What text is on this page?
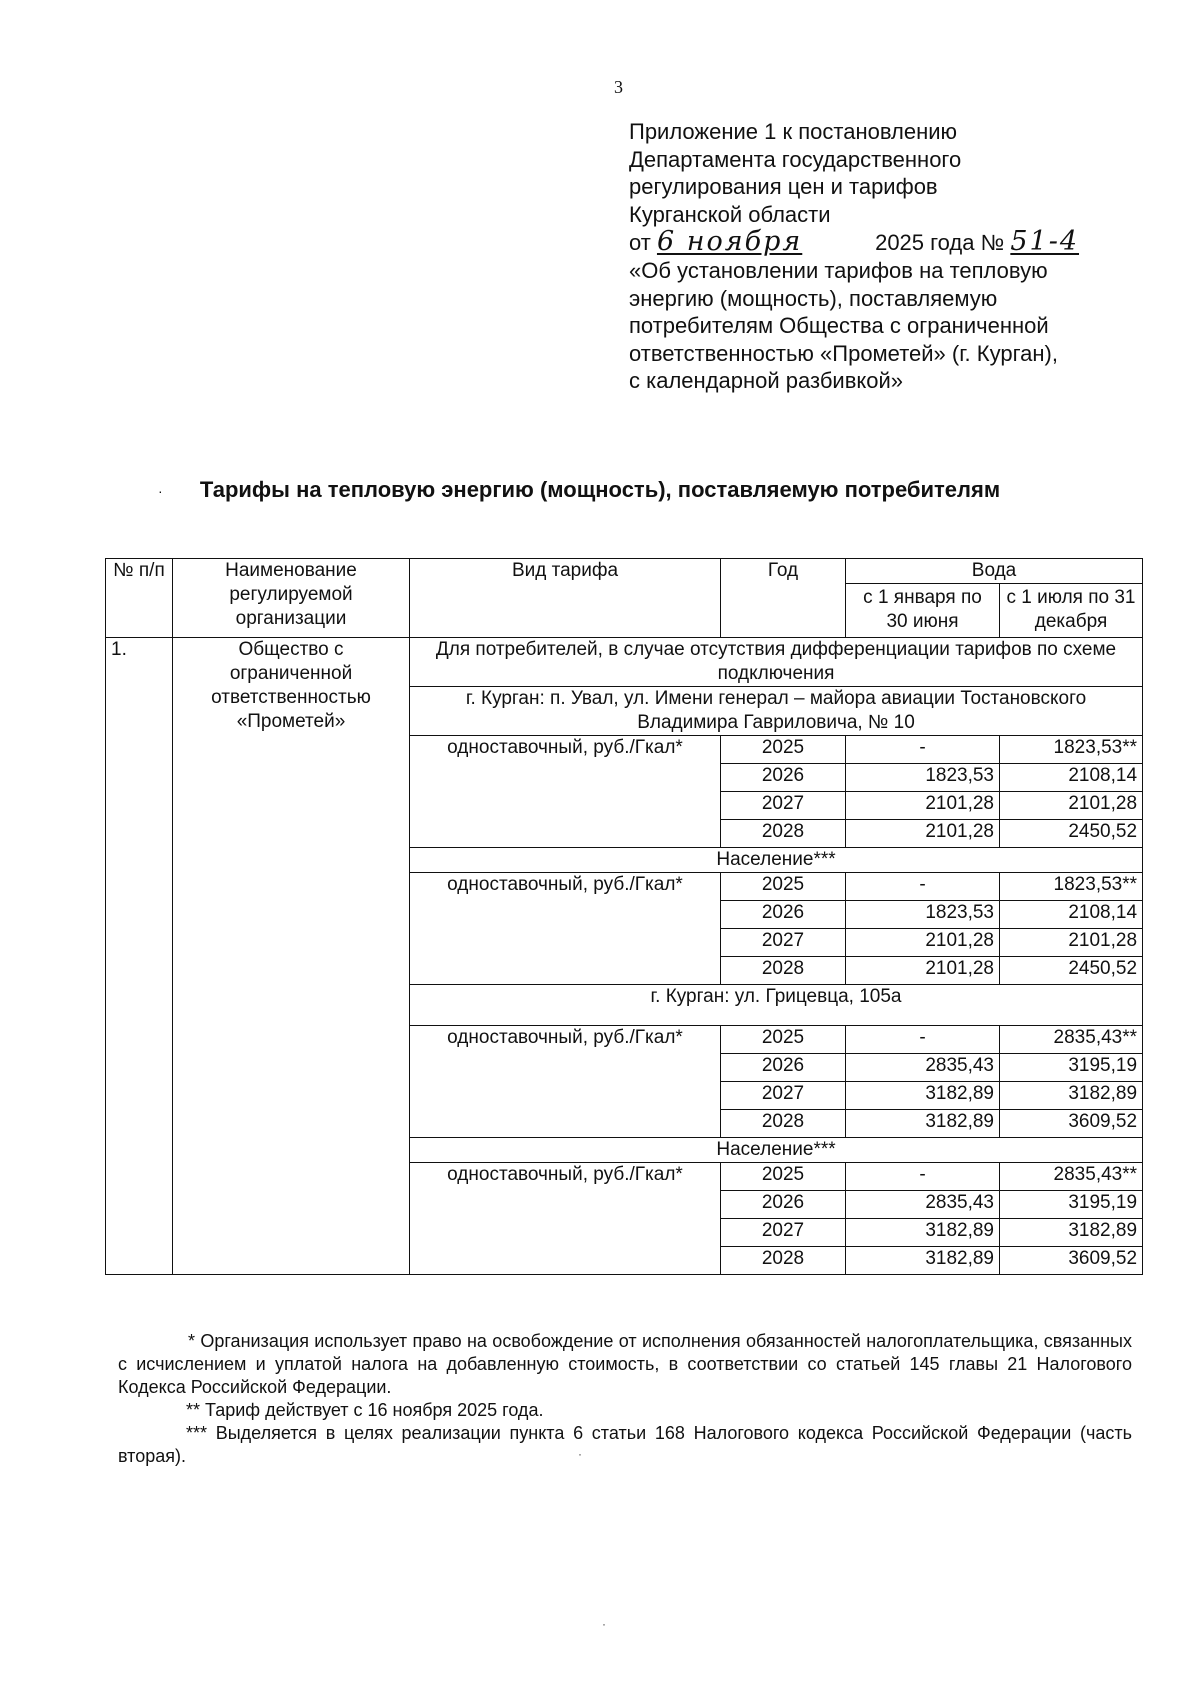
3
Приложение 1 к постановлению
Департамента государственного
регулирования цен и тарифов
Курганской области
от 6 ноября	2025 года № 51-4
«Об установлении тарифов на тепловую
энергию (мощность), поставляемую
потребителям Общества с ограниченной
ответственностью «Прометей» (г. Курган),
с календарной разбивкой»
·	Тарифы на тепловую энергию (мощность), поставляемую потребителям
№ п/п	Наименование регулируемой организации	Вид тарифа	Год	Вода	
				с 1 января по 30 июня	с 1 июля по 31 декабря
1.	Общество с ограниченной ответственностью «Прометей»	Для потребителей, в случае отсутствия дифференциации тарифов по схеме подключения			
		г. Курган: п. Увал, ул. Имени генерал – майора авиации Тостановского Владимира Гавриловича, № 10			
		одноставочный, руб./Гкал*	2025	-	1823,53**
			2026	1823,53	2108,14
			2027	2101,28	2101,28
			2028	2101,28	2450,52
		Население***			
		одноставочный, руб./Гкал*	2025	-	1823,53**
			2026	1823,53	2108,14
			2027	2101,28	2101,28
			2028	2101,28	2450,52
		г. Курган: ул. Грицевца, 105а			
		одноставочный, руб./Гкал*	2025	-	2835,43**
			2026	2835,43	3195,19
			2027	3182,89	3182,89
			2028	3182,89	3609,52
		Население***			
		одноставочный, руб./Гкал*	2025	-	2835,43**
			2026	2835,43	3195,19
			2027	3182,89	3182,89
			2028	3182,89	3609,52

* Организация использует право на освобождение от исполнения обязанностей налогоплательщика, связанных с исчислением и уплатой налога на добавленную стоимость, в соответствии со статьей 145 главы 21 Налогового Кодекса Российской Федерации.

** Тариф действует с 16 ноября 2025 года.

*** Выделяется в целях реализации пункта 6 статьи 168 Налогового кодекса Российской Федерации (часть вторая).	·
·
